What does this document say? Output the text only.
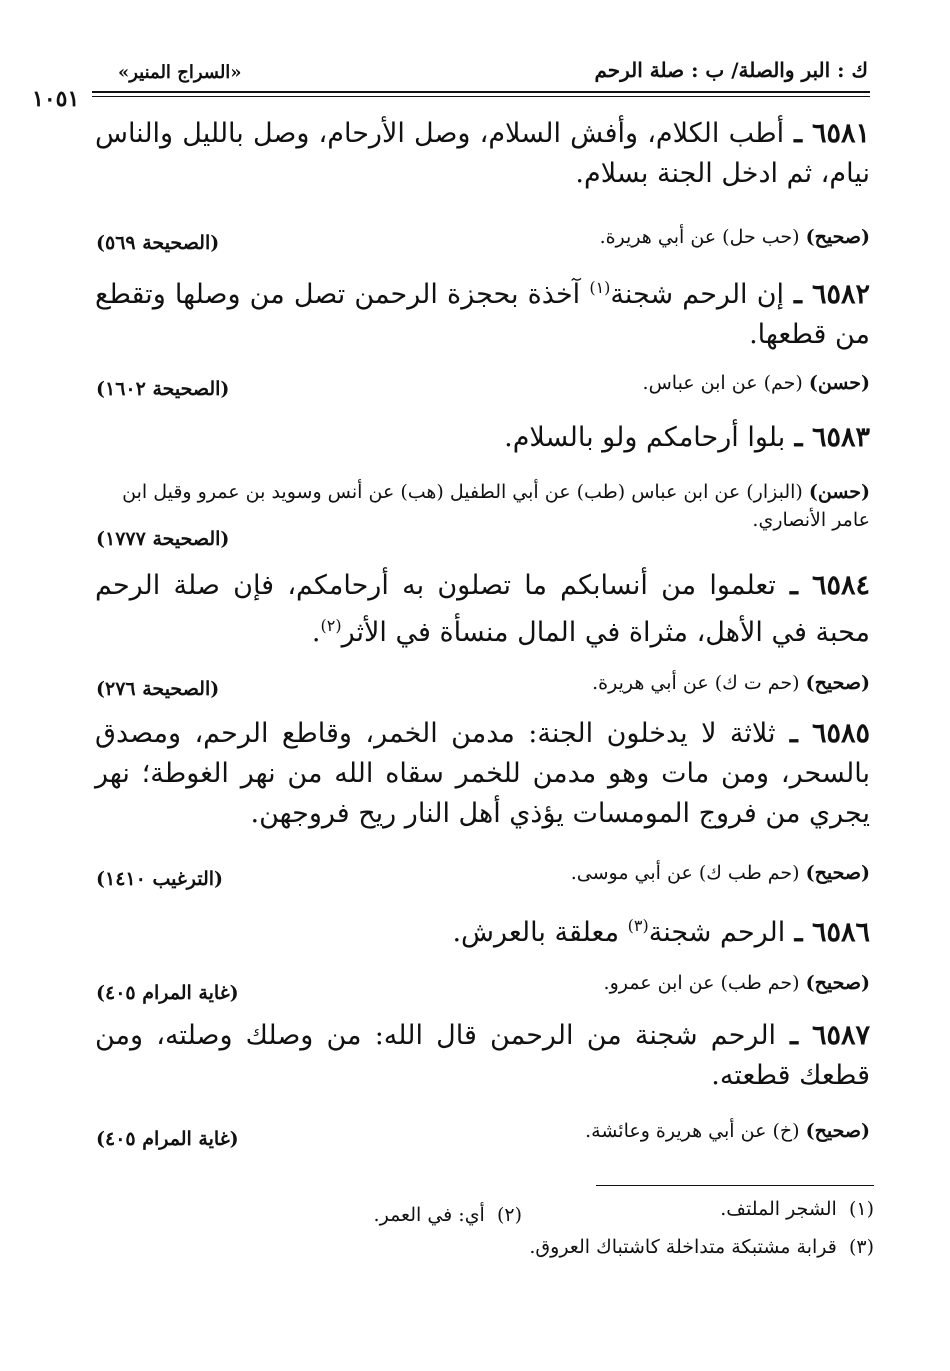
ك : البر والصلة/ ب : صلة الرحم
«السراج المنير»
١٠٥١
٦٥٨١ ـ أطب الكلام، وأفش السلام، وصل الأرحام، وصل بالليل والناس نيام، ثم ادخل الجنة بسلام.
(صحيح) (حب حل) عن أبي هريرة.
(الصحيحة ٥٦٩)
٦٥٨٢ ـ إن الرحم شجنة$^{(١)}$ آخذة بحجزة الرحمن تصل من وصلها وتقطع من قطعها.
(حسن) (حم) عن ابن عباس.
(الصحيحة ١٦٠٢)
٦٥٨٣ ـ بلوا أرحامكم ولو بالسلام.
(حسن) (البزار) عن ابن عباس (طب) عن أبي الطفيل (هب) عن أنس وسويد بن عمرو وقيل ابن عامر الأنصاري.
(الصحيحة ١٧٧٧)
٦٥٨٤ ـ تعلموا من أنسابكم ما تصلون به أرحامكم، فإن صلة الرحم محبة في الأهل، مثراة في المال منسأة في الأثر$^{(٢)}$.
(صحيح) (حم ت ك) عن أبي هريرة.
(الصحيحة ٢٧٦)
٦٥٨٥ ـ ثلاثة لا يدخلون الجنة: مدمن الخمر، وقاطع الرحم، ومصدق بالسحر، ومن مات وهو مدمن للخمر سقاه الله من نهر الغوطة؛ نهر يجري من فروج المومسات يؤذي أهل النار ريح فروجهن.
(صحيح) (حم طب ك) عن أبي موسى.
(الترغيب ١٤١٠)
٦٥٨٦ ـ الرحم شجنة$^{(٣)}$ معلقة بالعرش.
(صحيح) (حم طب) عن ابن عمرو.
(غاية المرام ٤٠٥)
٦٥٨٧ ـ الرحم شجنة من الرحمن قال الله: من وصلك وصلته، ومن قطعك قطعته.
(صحيح) (خ) عن أبي هريرة وعائشة.
(غاية المرام ٤٠٥)
(١)  الشجر الملتف.
(٢)  أي: في العمر.
(٣)  قرابة مشتبكة متداخلة كاشتباك العروق.
